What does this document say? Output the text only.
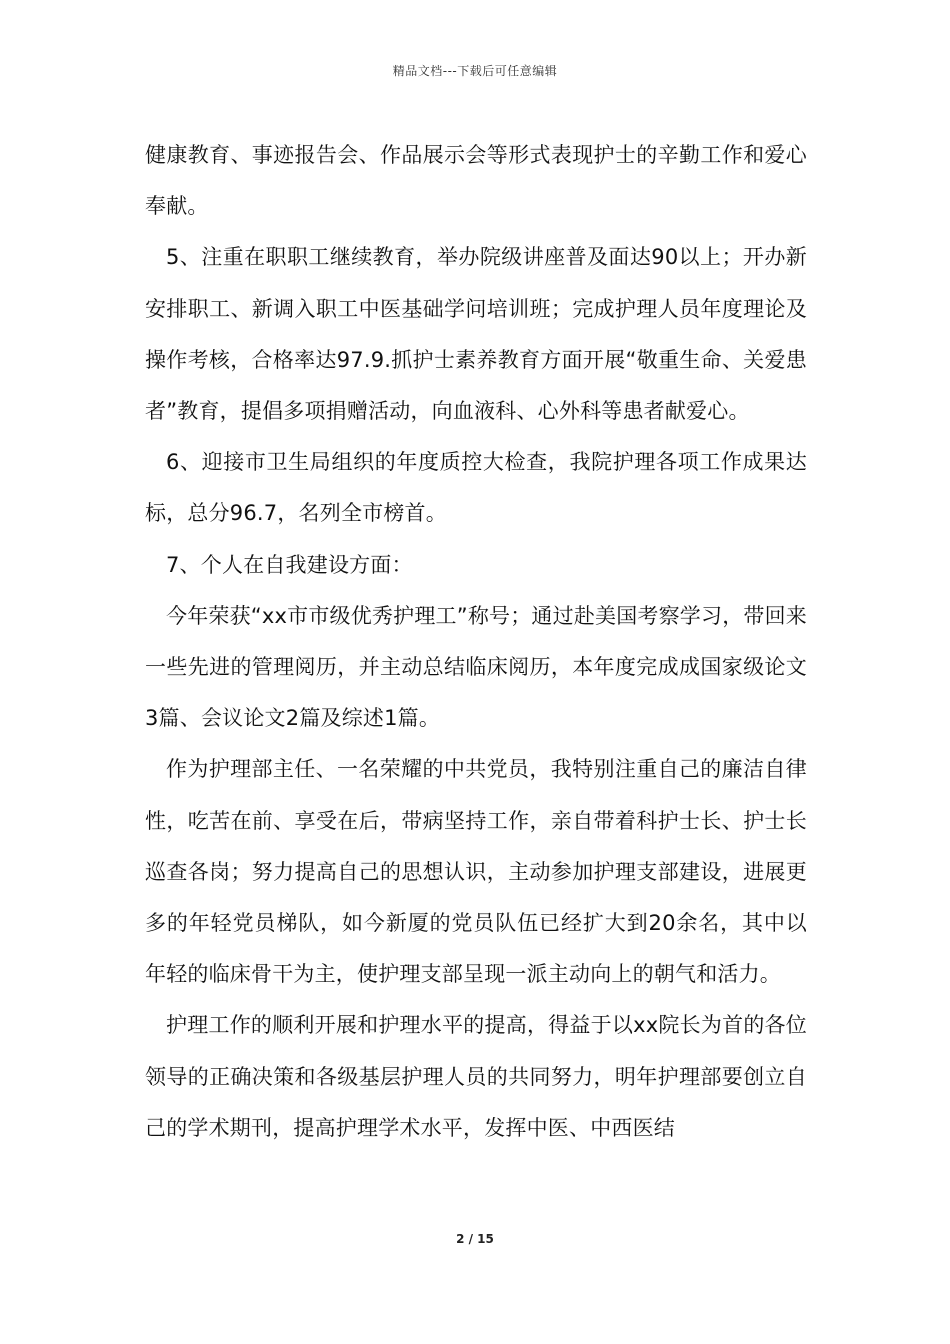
精品文档---下载后可任意编辑

健康教育、事迹报告会、作品展示会等形式表现护士的辛勤工作和爱心奉献。

5、注重在职职工继续教育，举办院级讲座普及面达90以上；开办新安排职工、新调入职工中医基础学问培训班；完成护理人员年度理论及操作考核，合格率达97.9.抓护士素养教育方面开展“敬重生命、关爱患者”教育，提倡多项捐赠活动，向血液科、心外科等患者献爱心。

6、迎接市卫生局组织的年度质控大检查，我院护理各项工作成果达标，总分96.7，名列全市榜首。

7、个人在自我建设方面：

今年荣获“xx市市级优秀护理工”称号；通过赴美国考察学习，带回来一些先进的管理阅历，并主动总结临床阅历，本年度完成成国家级论文3篇、会议论文2篇及综述1篇。

作为护理部主任、一名荣耀的中共党员，我特别注重自己的廉洁自律性，吃苦在前、享受在后，带病坚持工作，亲自带着科护士长、护士长巡查各岗；努力提高自己的思想认识，主动参加护理支部建设，进展更多的年轻党员梯队，如今新厦的党员队伍已经扩大到20余名，其中以年轻的临床骨干为主，使护理支部呈现一派主动向上的朝气和活力。

护理工作的顺利开展和护理水平的提高，得益于以xx院长为首的各位领导的正确决策和各级基层护理人员的共同努力，明年护理部要创立自己的学术期刊，提高护理学术水平，发挥中医、中西医结

2 / 15
